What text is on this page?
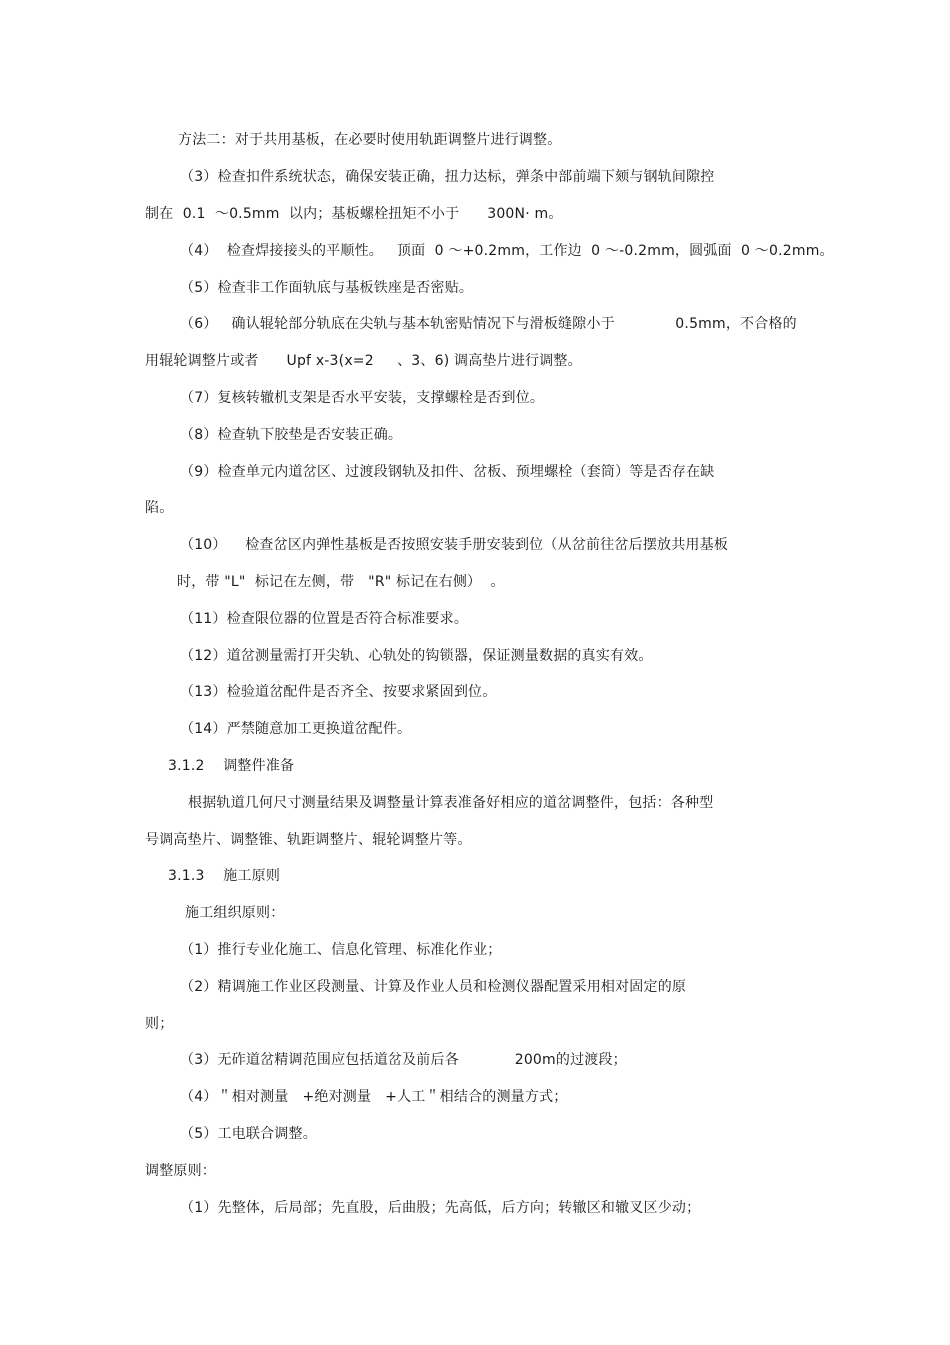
方法二：对于共用基板，在必要时使用轨距调整片进行调整。
（3）检查扣件系统状态，确保安装正确，扭力达标，弹条中部前端下颏与钢轨间隙控
制在  0.1  ～0.5mm  以内；基板螺栓扭矩不小于      300N· m。
（4）  检查焊接接头的平顺性。   顶面  0 ～+0.2mm，工作边  0 ～-0.2mm，圆弧面  0 ～0.2mm。
（5）检查非工作面轨底与基板铁座是否密贴。
（6）   确认辊轮部分轨底在尖轨与基本轨密贴情况下与滑板缝隙小于             0.5mm，不合格的
用辊轮调整片或者      Upf x-3(x=2     、3、6) 调高垫片进行调整。
（7）复核转辙机支架是否水平安装，支撑螺栓是否到位。
（8）检查轨下胶垫是否安装正确。
（9）检查单元内道岔区、过渡段钢轨及扣件、岔板、预埋螺栓（套筒）等是否存在缺
陷。
（10）    检查岔区内弹性基板是否按照安装手册安装到位（从岔前往岔后摆放共用基板
时，带 "L"  标记在左侧，带   "R" 标记在右侧）  。
（11）检查限位器的位置是否符合标准要求。
（12）道岔测量需打开尖轨、心轨处的钩锁器，保证测量数据的真实有效。
（13）检验道岔配件是否齐全、按要求紧固到位。
（14）严禁随意加工更换道岔配件。
3.1.2    调整件准备
根据轨道几何尺寸测量结果及调整量计算表准备好相应的道岔调整件，包括：各种型
号调高垫片、调整锥、轨距调整片、辊轮调整片等。
3.1.3    施工原则
施工组织原则：
（1）推行专业化施工、信息化管理、标准化作业；
（2）精调施工作业区段测量、计算及作业人员和检测仪器配置采用相对固定的原
则；
（3）无砟道岔精调范围应包括道岔及前后各            200m的过渡段；
（4）＂相对测量   +绝对测量   +人工＂相结合的测量方式；
（5）工电联合调整。
调整原则：
（1）先整体，后局部；先直股，后曲股；先高低，后方向；转辙区和辙叉区少动；
